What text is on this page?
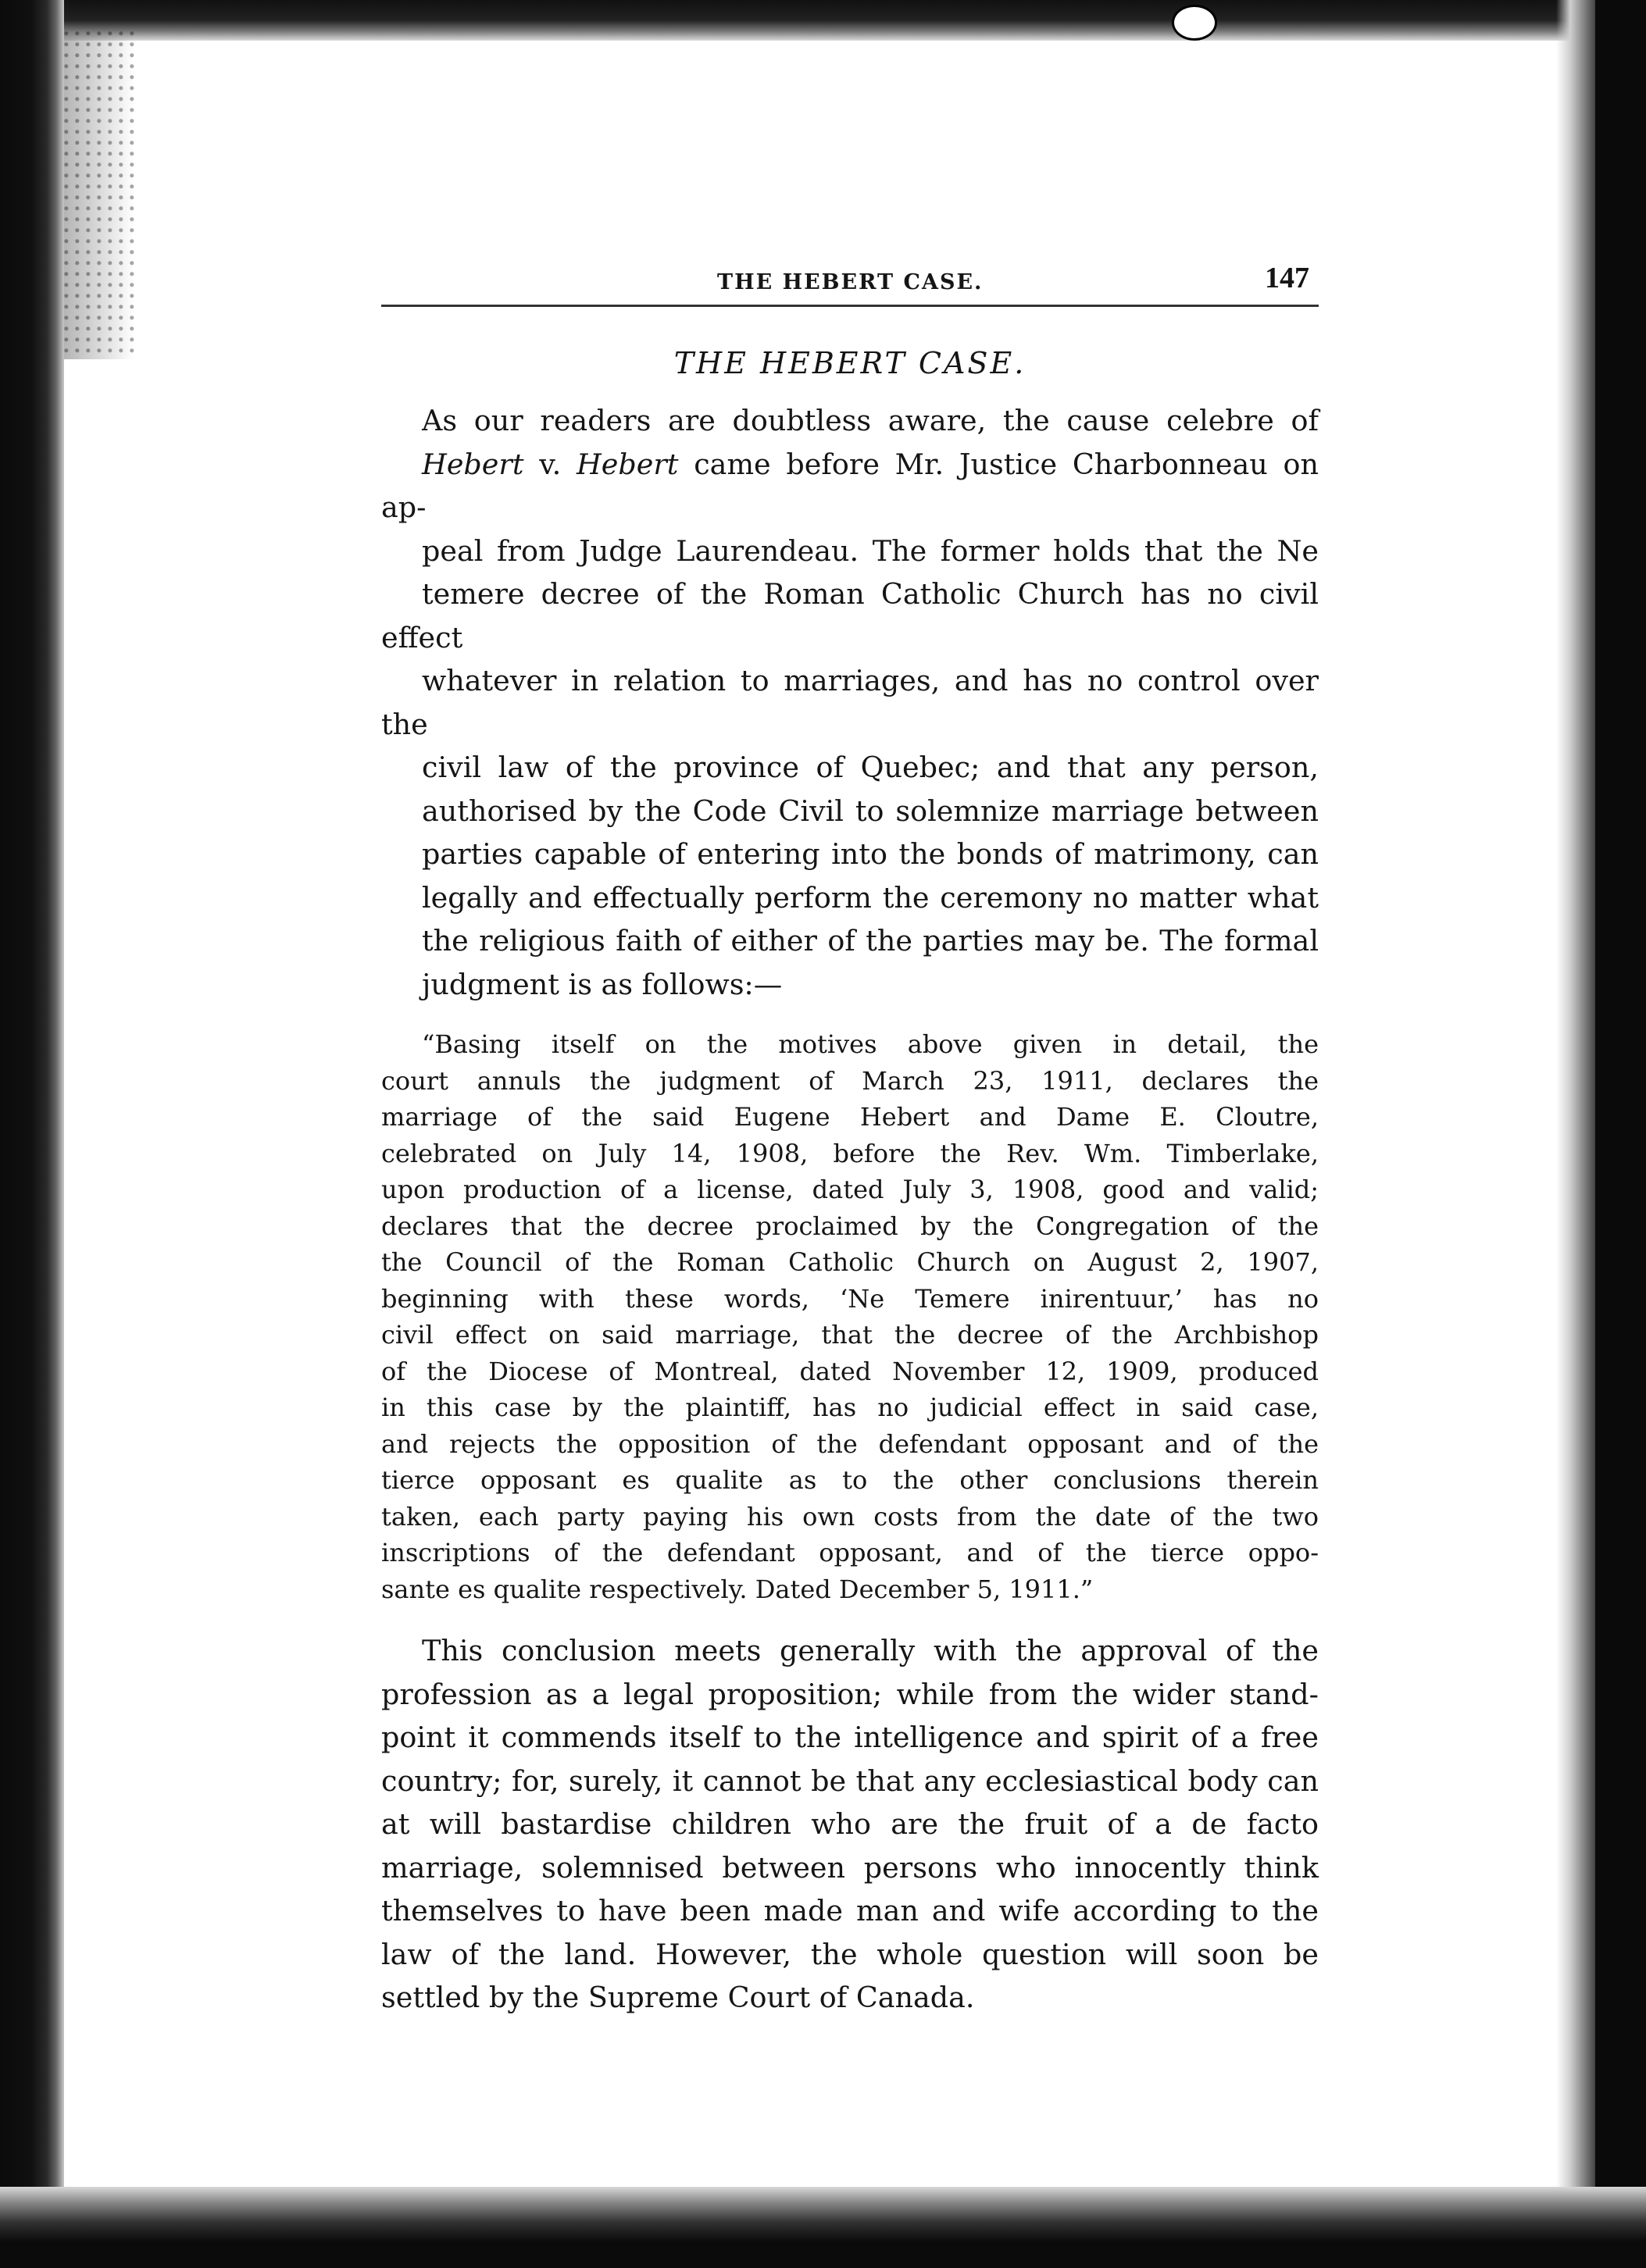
THE HEBERT CASE.	147
THE HEBERT CASE.

As our readers are doubtless aware, the cause celebre of
Hebert v. Hebert came before Mr. Justice Charbonneau on ap-
peal from Judge Laurendeau. The former holds that the Ne
temere decree of the Roman Catholic Church has no civil effect
whatever in relation to marriages, and has no control over the
civil law of the province of Quebec; and that any person,
authorised by the Code Civil to solemnize marriage between
parties capable of entering into the bonds of matrimony, can
legally and effectually perform the ceremony no matter what
the religious faith of either of the parties may be. The formal
judgment is as follows:—

“Basing itself on the motives above given in detail, the
court annuls the judgment of March 23, 1911, declares the
marriage of the said Eugene Hebert and Dame E. Cloutre,
celebrated on July 14, 1908, before the Rev. Wm. Timberlake,
upon production of a license, dated July 3, 1908, good and valid;
declares that the decree proclaimed by the Congregation of the
the Council of the Roman Catholic Church on August 2, 1907,
beginning with these words, ‘Ne Temere inirentuur,’ has no
civil effect on said marriage, that the decree of the Archbishop
of the Diocese of Montreal, dated November 12, 1909, produced
in this case by the plaintiff, has no judicial effect in said case,
and rejects the opposition of the defendant opposant and of the
tierce opposant es qualite as to the other conclusions therein
taken, each party paying his own costs from the date of the two
inscriptions of the defendant opposant, and of the tierce oppo-
sante es qualite respectively. Dated December 5, 1911.”

This conclusion meets generally with the approval of the
profession as a legal proposition; while from the wider stand-
point it commends itself to the intelligence and spirit of a free
country; for, surely, it cannot be that any ecclesiastical body can
at will bastardise children who are the fruit of a de facto
marriage, solemnised between persons who innocently think
themselves to have been made man and wife according to the
law of the land. However, the whole question will soon be
settled by the Supreme Court of Canada.
